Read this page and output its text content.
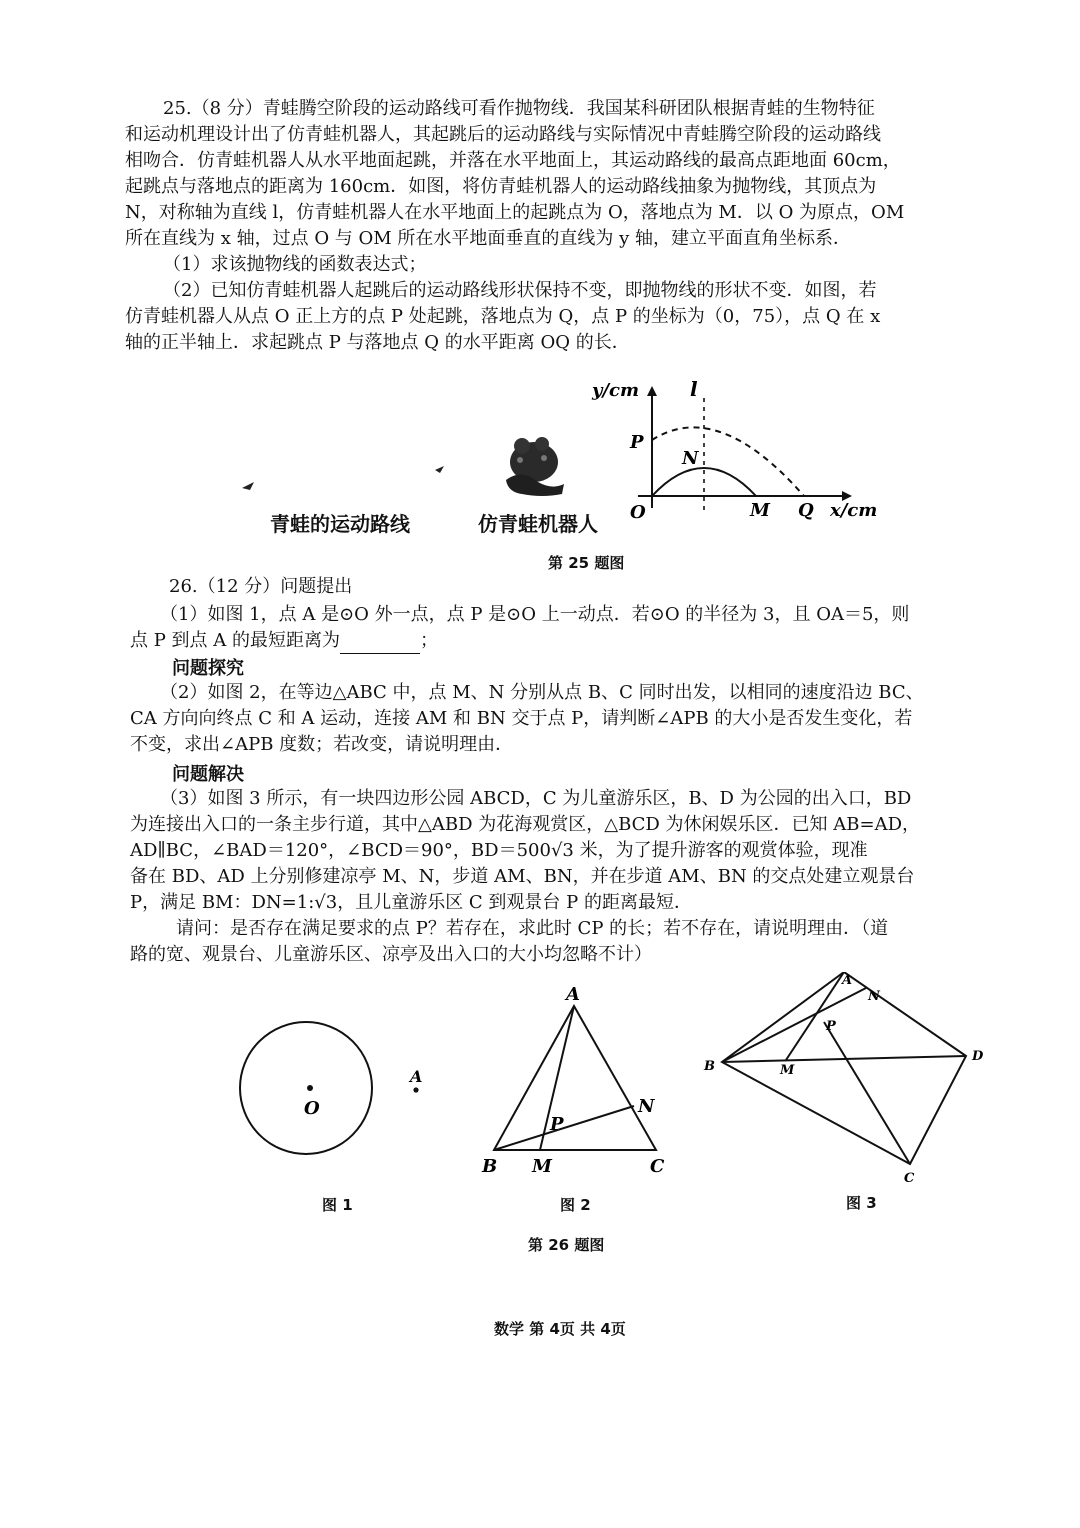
25.（8 分）青蛙腾空阶段的运动路线可看作抛物线．我国某科研团队根据青蛙的生物特征
和运动机理设计出了仿青蛙机器人，其起跳后的运动路线与实际情况中青蛙腾空阶段的运动路线
相吻合．仿青蛙机器人从水平地面起跳，并落在水平地面上，其运动路线的最高点距地面 60cm，
起跳点与落地点的距离为 160cm．如图，将仿青蛙机器人的运动路线抽象为抛物线，其顶点为
N，对称轴为直线 l，仿青蛙机器人在水平地面上的起跳点为 O，落地点为 M．以 O 为原点，OM
所在直线为 x 轴，过点 O 与 OM 所在水平地面垂直的直线为 y 轴，建立平面直角坐标系．
（1）求该抛物线的函数表达式；
（2）已知仿青蛙机器人起跳后的运动路线形状保持不变，即抛物线的形状不变．如图，若
仿青蛙机器人从点 O 正上方的点 P 处起跳，落地点为 Q，点 P 的坐标为（0，75），点 Q 在 x
轴的正半轴上．求起跳点 P 与落地点 Q 的水平距离 OQ 的长．
青蛙的运动路线	仿青蛙机器人
y/cm	l
P
N
O	M Q x/cm
第 25 题图
26.（12 分）问题提出
（1）如图 1，点 A 是⊙O 外一点，点 P 是⊙O 上一动点．若⊙O 的半径为 3，且 OA＝5，则
点 P 到点 A 的最短距离为	；
问题探究
（2）如图 2，在等边△ABC 中，点 M、N 分别从点 B、C 同时出发，以相同的速度沿边 BC、
CA 方向向终点 C 和 A 运动，连接 AM 和 BN 交于点 P，请判断∠APB 的大小是否发生变化，若
不变，求出∠APB 度数；若改变，请说明理由．
问题解决
（3）如图 3 所示，有一块四边形公园 ABCD，C 为儿童游乐区，B、D 为公园的出入口，BD
为连接出入口的一条主步行道，其中△ABD 为花海观赏区，△BCD 为休闲娱乐区．已知 AB=AD，
AD∥BC，∠BAD＝120°，∠BCD＝90°，BD＝500√3 米，为了提升游客的观赏体验，现准
备在 BD、AD 上分别修建凉亭 M、N，步道 AM、BN，并在步道 AM、BN 的交点处建立观景台
P，满足 BM：DN=1:√3，且儿童游乐区 C 到观景台 P 的距离最短．
请问：是否存在满足要求的点 P？若存在，求此时 CP 的长；若不存在，请说明理由．（道
路的宽、观景台、儿童游乐区、凉亭及出入口的大小均忽略不计）
O
A
图 1
A
B M	C
N
P
图 2
A
N
P
B	M
D
C
图 3
第 26 题图
数学 第 4页 共 4页
